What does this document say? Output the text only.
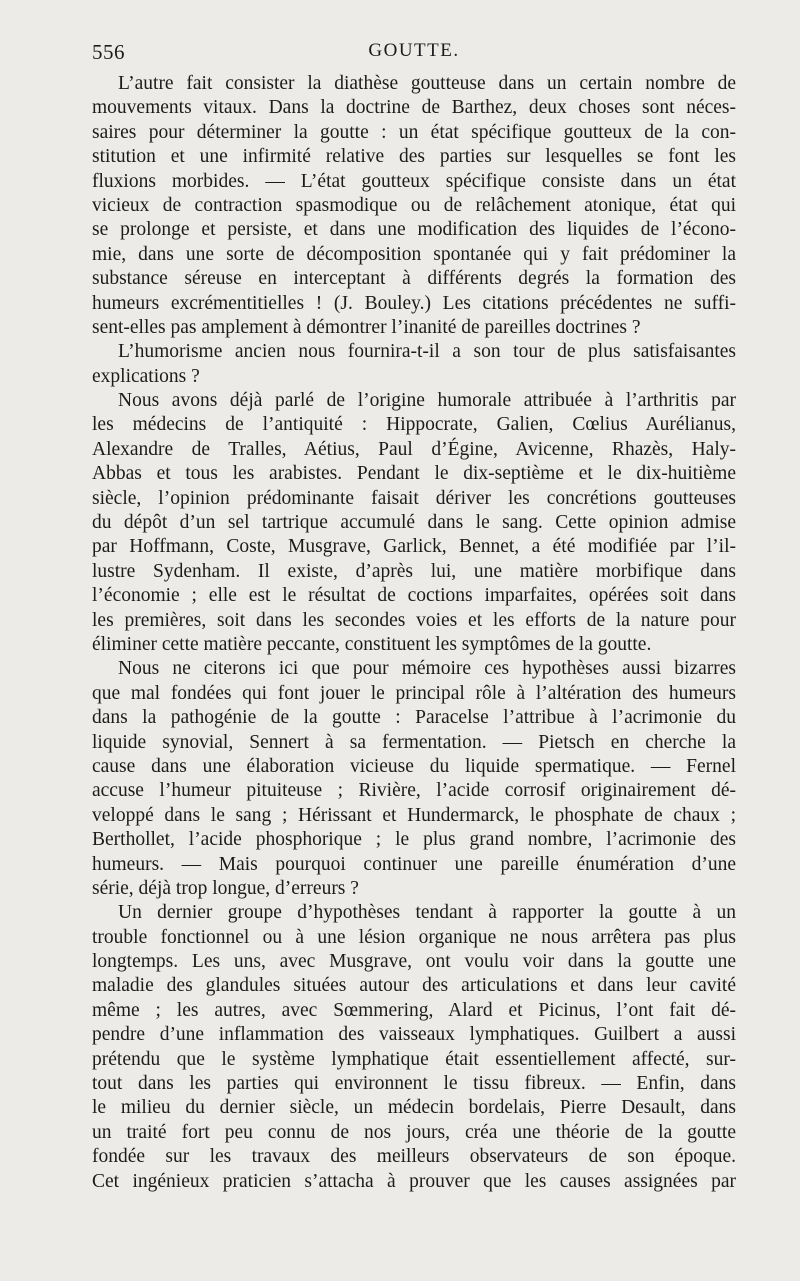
556	GOUTTE.
L’autre fait consister la diathèse goutteuse dans un certain nombre de
mouvements vitaux. Dans la doctrine de Barthez, deux choses sont néces-
saires pour déterminer la goutte : un état spécifique goutteux de la con-
stitution et une infirmité relative des parties sur lesquelles se font les
fluxions morbides. — L’état goutteux spécifique consiste dans un état
vicieux de contraction spasmodique ou de relâchement atonique, état qui
se prolonge et persiste, et dans une modification des liquides de l’écono-
mie, dans une sorte de décomposition spontanée qui y fait prédominer la
substance séreuse en interceptant à différents degrés la formation des
humeurs excrémentitielles ! (J. Bouley.) Les citations précédentes ne suffi-
sent-elles pas amplement à démontrer l’inanité de pareilles doctrines ?
L’humorisme ancien nous fournira-t-il a son tour de plus satisfaisantes
explications ?
Nous avons déjà parlé de l’origine humorale attribuée à l’arthritis par
les médecins de l’antiquité : Hippocrate, Galien, Cœlius Aurélianus,
Alexandre de Tralles, Aétius, Paul d’Égine, Avicenne, Rhazès, Haly-
Abbas et tous les arabistes. Pendant le dix-septième et le dix-huitième
siècle, l’opinion prédominante faisait dériver les concrétions goutteuses
du dépôt d’un sel tartrique accumulé dans le sang. Cette opinion admise
par Hoffmann, Coste, Musgrave, Garlick, Bennet, a été modifiée par l’il-
lustre Sydenham. Il existe, d’après lui, une matière morbifique dans
l’économie ; elle est le résultat de coctions imparfaites, opérées soit dans
les premières, soit dans les secondes voies et les efforts de la nature pour
éliminer cette matière peccante, constituent les symptômes de la goutte.
Nous ne citerons ici que pour mémoire ces hypothèses aussi bizarres
que mal fondées qui font jouer le principal rôle à l’altération des humeurs
dans la pathogénie de la goutte : Paracelse l’attribue à l’acrimonie du
liquide synovial, Sennert à sa fermentation. — Pietsch en cherche la
cause dans une élaboration vicieuse du liquide spermatique. — Fernel
accuse l’humeur pituiteuse ; Rivière, l’acide corrosif originairement dé-
veloppé dans le sang ; Hérissant et Hundermarck, le phosphate de chaux ;
Berthollet, l’acide phosphorique ; le plus grand nombre, l’acrimonie des
humeurs. — Mais pourquoi continuer une pareille énumération d’une
série, déjà trop longue, d’erreurs ?
Un dernier groupe d’hypothèses tendant à rapporter la goutte à un
trouble fonctionnel ou à une lésion organique ne nous arrêtera pas plus
longtemps. Les uns, avec Musgrave, ont voulu voir dans la goutte une
maladie des glandules situées autour des articulations et dans leur cavité
même ; les autres, avec Sœmmering, Alard et Picinus, l’ont fait dé-
pendre d’une inflammation des vaisseaux lymphatiques. Guilbert a aussi
prétendu que le système lymphatique était essentiellement affecté, sur-
tout dans les parties qui environnent le tissu fibreux. — Enfin, dans
le milieu du dernier siècle, un médecin bordelais, Pierre Desault, dans
un traité fort peu connu de nos jours, créa une théorie de la goutte
fondée sur les travaux des meilleurs observateurs de son époque.
Cet ingénieux praticien s’attacha à prouver que les causes assignées par
